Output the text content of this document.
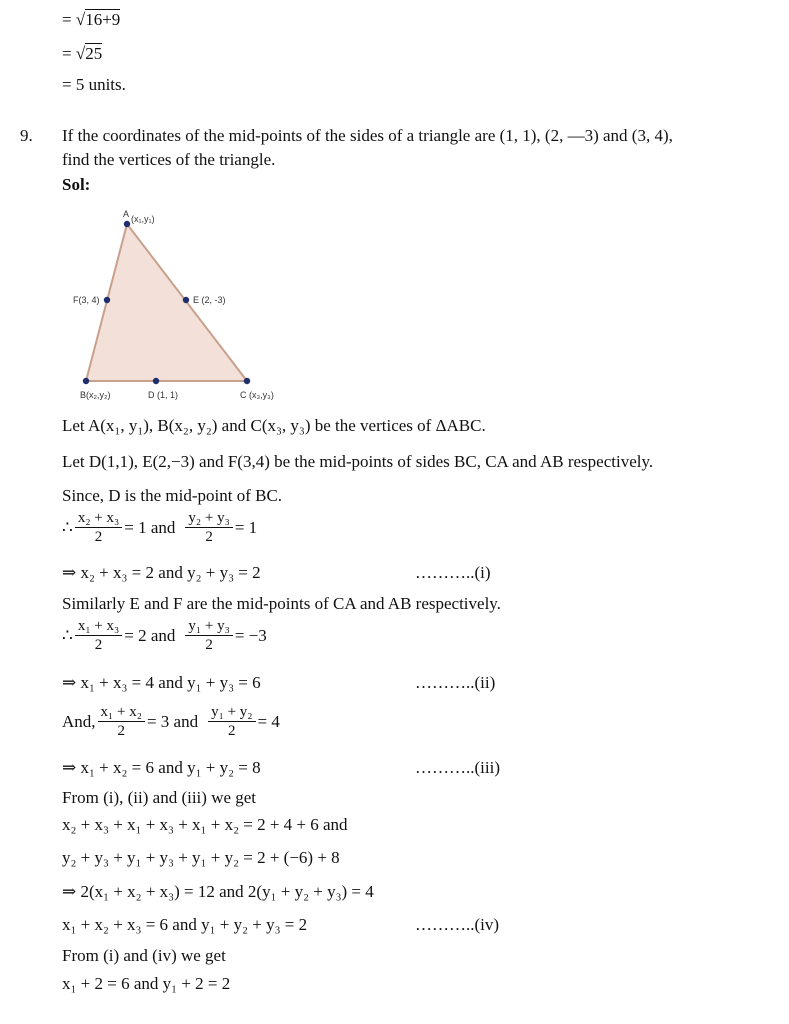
= √16+9
= √25
= 5 units.
9. If the coordinates of the mid-points of the sides of a triangle are (1, 1), (2, —3) and (3, 4),
find the vertices of the triangle.
Sol:
A (x₁,y₁)
E (2, -3)
F(3, 4)
B(x₂,y₂)	D (1, 1)	C (x₃,y₃)
Let A(x₁, y₁), B(x₂, y₂) and C(x₃, y₃) be the vertices of ΔABC.
Let D(1,1), E(2,−3) and F(3,4) be the mid-points of sides BC, CA and AB respectively.
Since, D is the mid-point of BC.
∴ $\frac{\text{x₂ + x₃}}{2} = 1$ and $\frac{\text{y₂ + y₃}}{2} = 1$
⇒ x₂ + x₃ = 2 and y₂ + y₃ = 2	………..(i)
Similarly E and F are the mid-points of CA and AB respectively.
∴ $\frac{\text{x₁ + x₃}}{2} = 2$ and $\frac{\text{y₁ + y₃}}{2} = -3$
⇒ x₁ + x₃ = 4 and y₁ + y₃ = 6	………..(ii)
And, $\frac{\text{x₁ + x₂}}{2} = 3$ and $\frac{\text{y₁ + y₂}}{2} = 4$
⇒ x₁ + x₂ = 6 and y₁ + y₂ = 8	………..(iii)
From (i), (ii) and (iii) we get
x₂ + x₃ + x₁ + x₃ + x₁ + x₂ = 2 + 4 + 6 and
y₂ + y₃ + y₁ + y₃ + y₁ + y₂ = 2 + (−6) + 8
⇒ 2(x₁ + x₂ + x₃) = 12 and 2(y₁ + y₂ + y₃) = 4
x₁ + x₂ + x₃ = 6 and y₁ + y₂ + y₃ = 2	………..(iv)
From (i) and (iv) we get
x₁ + 2 = 6 and y₁ + 2 = 2
